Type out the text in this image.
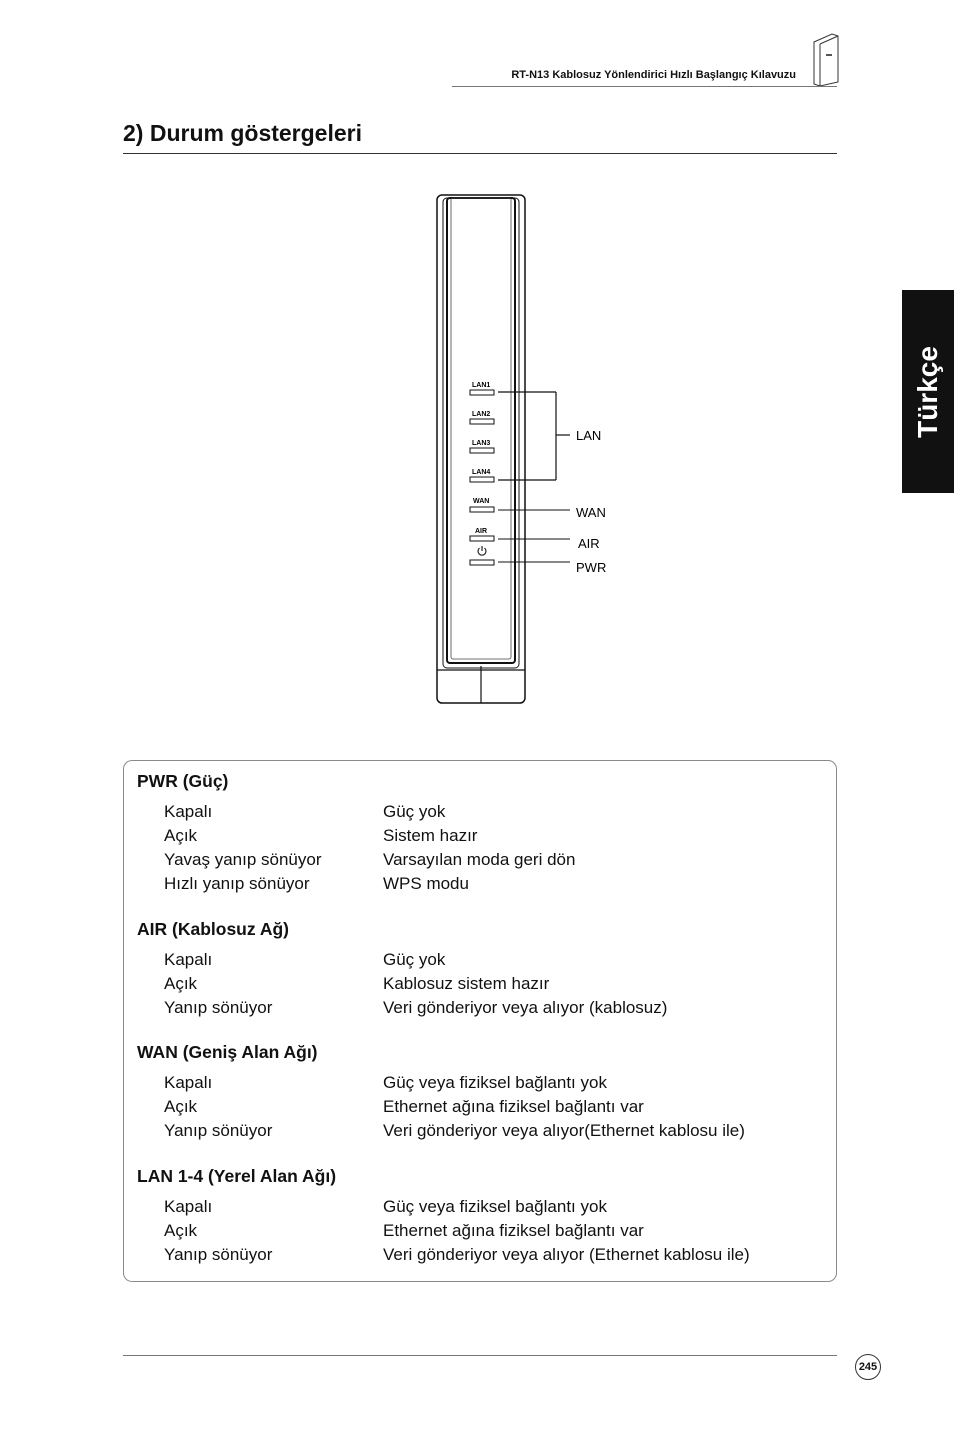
RT-N13 Kablosuz Yönlendirici Hızlı Başlangıç Kılavuzu
2) Durum göstergeleri
Türkçe
LAN1
LAN2
LAN3
LAN4
WAN
AIR
LAN
WAN
AIR
PWR
PWR (Güç)
Kapalı	Güç yok
Açık	Sistem hazır
Yavaş yanıp sönüyor	Varsayılan moda geri dön
Hızlı yanıp sönüyor	WPS modu
AIR (Kablosuz Ağ)
Kapalı	Güç yok
Açık	Kablosuz sistem hazır
Yanıp sönüyor	Veri gönderiyor veya alıyor (kablosuz)
WAN (Geniş Alan Ağı)
Kapalı	Güç veya fiziksel bağlantı yok
Açık	Ethernet ağına fiziksel bağlantı var
Yanıp sönüyor	Veri gönderiyor veya alıyor(Ethernet kablosu ile)
LAN 1-4 (Yerel Alan Ağı)
Kapalı	Güç veya fiziksel bağlantı yok
Açık	Ethernet ağına fiziksel bağlantı var
Yanıp sönüyor	Veri gönderiyor veya alıyor (Ethernet kablosu ile)
245
